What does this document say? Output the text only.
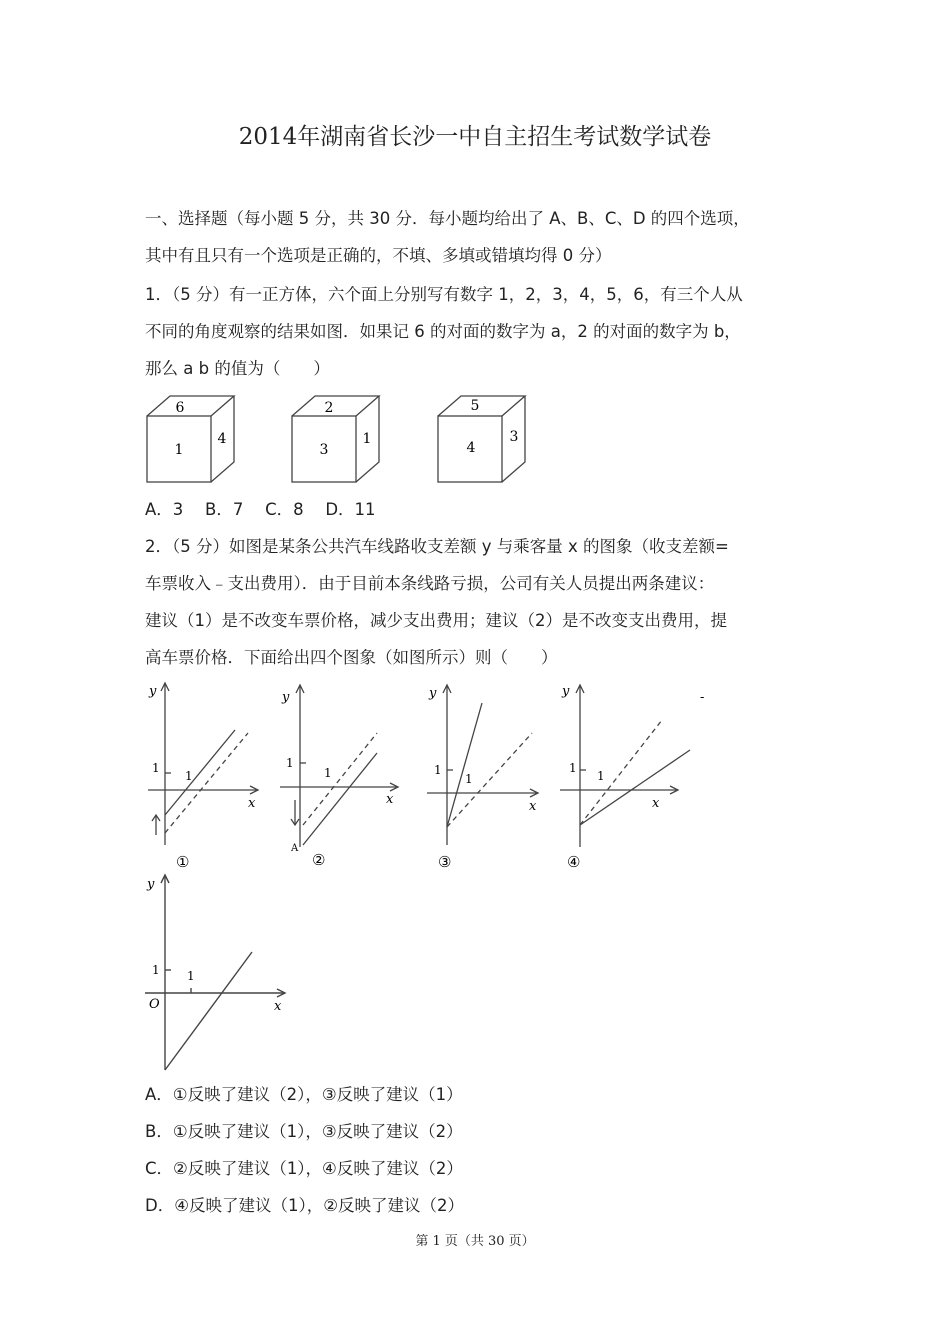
2014年湖南省长沙一中自主招生考试数学试卷
一、选择题（每小题 5 分，共 30 分．每小题均给出了 A、B、C、D 的四个选项，
其中有且只有一个选项是正确的，不填、多填或错填均得 0 分）
1．（5 分）有一正方体，六个面上分别写有数字 1，2，3，4，5，6，有三个人从
不同的角度观察的结果如图．如果记 6 的对面的数字为 a，2 的对面的数字为 b，
那么 a b 的值为（　　）
6
1
4
2
3
1
5
4
3
A．3　 B．7　 C．8　 D．11
2．（5 分）如图是某条公共汽车线路收支差额 y 与乘客量 x 的图象（收支差额=
车票收入﹣支出费用）．由于目前本条线路亏损，公司有关人员提出两条建议：
建议（1）是不改变车票价格，减少支出费用；建议（2）是不改变支出费用，提
高车票价格．下面给出四个图象（如图所示）则（　　）
y
x
1
1
①
y
x
1
1
A
②
y
x
1
1
③
y
x
1
1
④
-
y
x
1 1
O
A．①反映了建议（2），③反映了建议（1）
B．①反映了建议（1），③反映了建议（2）
C．②反映了建议（1），④反映了建议（2）
D．④反映了建议（1），②反映了建议（2）
第 1 页（共 30 页）
